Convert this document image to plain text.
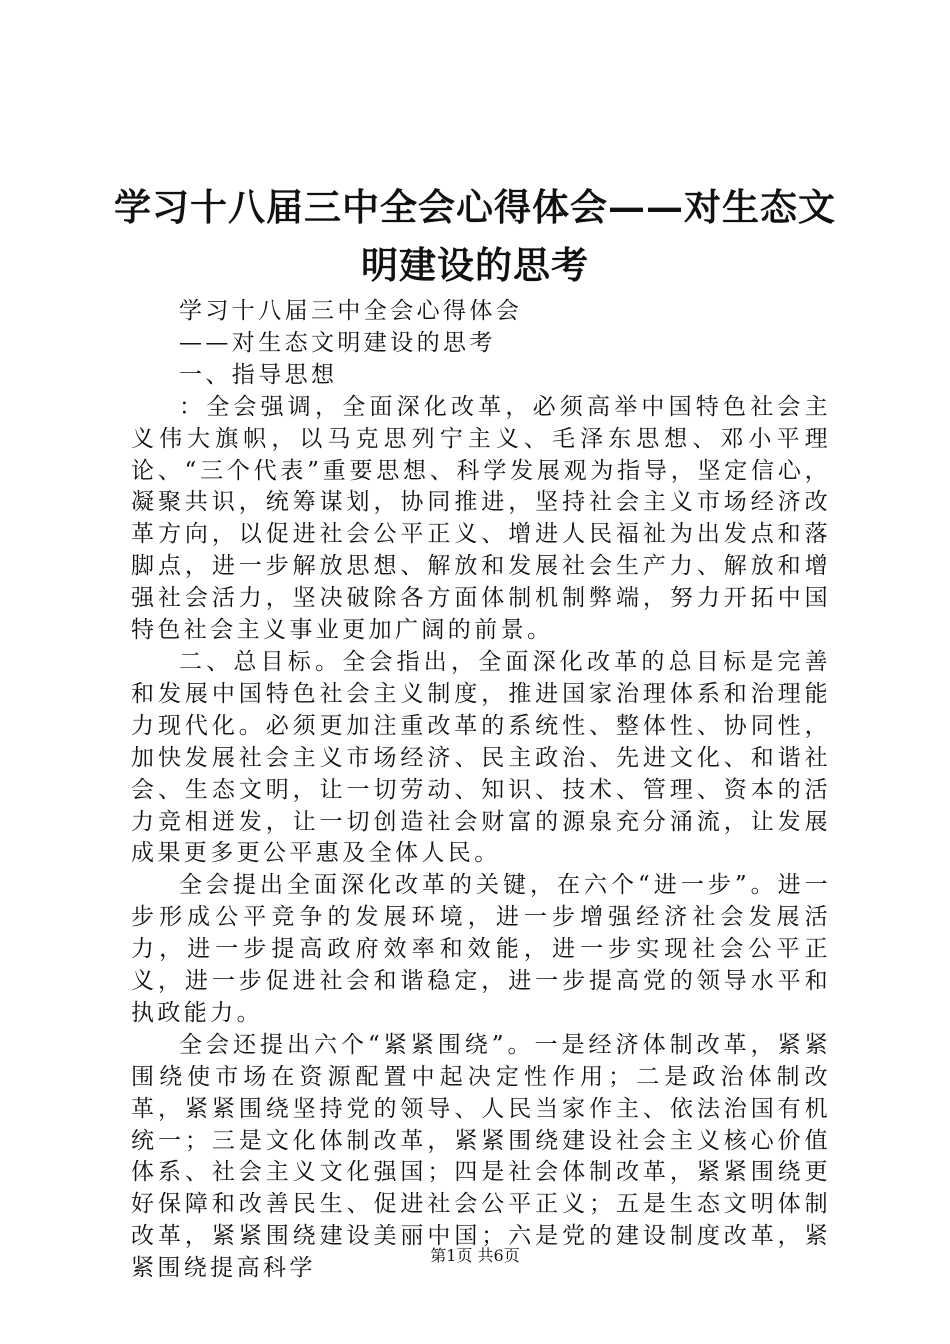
学习十八届三中全会心得体会——对生态文明建设的思考

学习十八届三中全会心得体会

——对生态文明建设的思考

一、指导思想

：全会强调，全面深化改革，必须高举中国特色社会主义伟大旗帜，以马克思列宁主义、毛泽东思想、邓小平理论、“三个代表”重要思想、科学发展观为指导，坚定信心，凝聚共识，统筹谋划，协同推进，坚持社会主义市场经济改革方向，以促进社会公平正义、增进人民福祉为出发点和落脚点，进一步解放思想、解放和发展社会生产力、解放和增强社会活力，坚决破除各方面体制机制弊端，努力开拓中国特色社会主义事业更加广阔的前景。

二、总目标。全会指出，全面深化改革的总目标是完善和发展中国特色社会主义制度，推进国家治理体系和治理能力现代化。必须更加注重改革的系统性、整体性、协同性，加快发展社会主义市场经济、民主政治、先进文化、和谐社会、生态文明，让一切劳动、知识、技术、管理、资本的活力竞相迸发，让一切创造社会财富的源泉充分涌流，让发展成果更多更公平惠及全体人民。

全会提出全面深化改革的关键，在六个“进一步”。进一步形成公平竞争的发展环境，进一步增强经济社会发展活力，进一步提高政府效率和效能，进一步实现社会公平正义，进一步促进社会和谐稳定，进一步提高党的领导水平和执政能力。

全会还提出六个“紧紧围绕”。一是经济体制改革，紧紧围绕使市场在资源配置中起决定性作用；二是政治体制改革，紧紧围绕坚持党的领导、人民当家作主、依法治国有机统一；三是文化体制改革，紧紧围绕建设社会主义核心价值体系、社会主义文化强国；四是社会体制改革，紧紧围绕更好保障和改善民生、促进社会公平正义；五是生态文明体制改革，紧紧围绕建设美丽中国；六是党的建设制度改革，紧紧围绕提高科学	第1页 共6页
